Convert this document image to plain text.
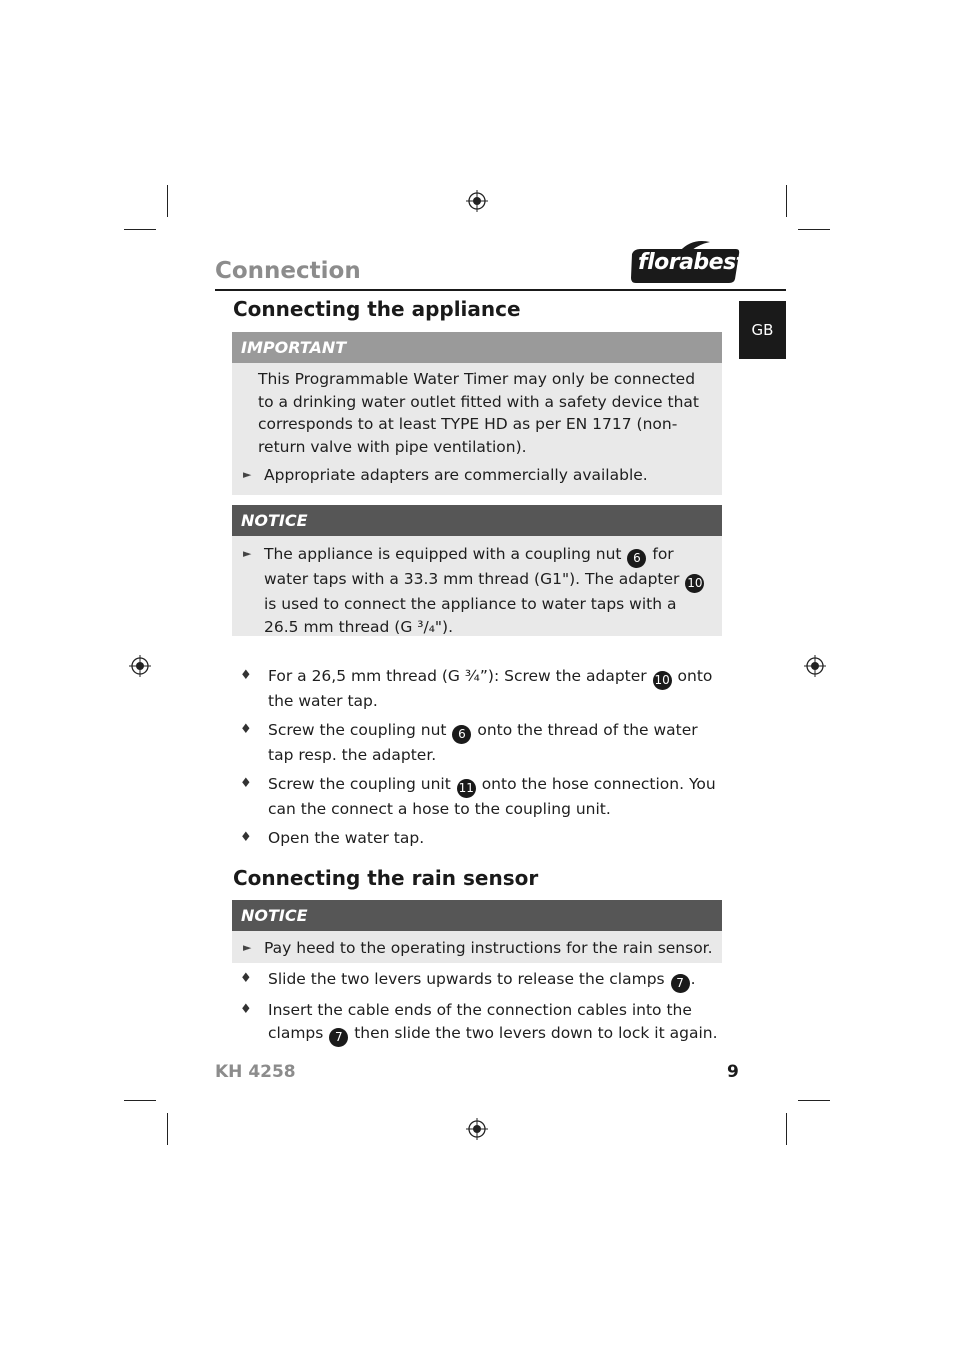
Connection	florabest
GB
Connecting the appliance
IMPORTANT
This Programmable Water Timer may only be connected to a drinking water outlet fitted with a safety device that corresponds to at least TYPE HD as per EN 1717 (non-return valve with pipe ventilation).
► Appropriate adapters are commercially available.
NOTICE
► The appliance is equipped with a coupling nut 6 for water taps with a 33.3 mm thread (G1"). The adapter 10 is used to connect the appliance to water taps with a 26.5 mm thread (G ³/₄").
♦ For a 26,5 mm thread (G ¾”): Screw the adapter 10 onto the water tap.
♦ Screw the coupling nut 6 onto the thread of the water tap resp. the adapter.
♦ Screw the coupling unit 11 onto the hose connection. You can the connect a hose to the coupling unit.
♦ Open the water tap.
Connecting the rain sensor
NOTICE
► Pay heed to the operating instructions for the rain sensor.
♦ Slide the two levers upwards to release the clamps 7 .
♦ Insert the cable ends of the connection cables into the clamps 7 then slide the two levers down to lock it again.
KH 4258	9
